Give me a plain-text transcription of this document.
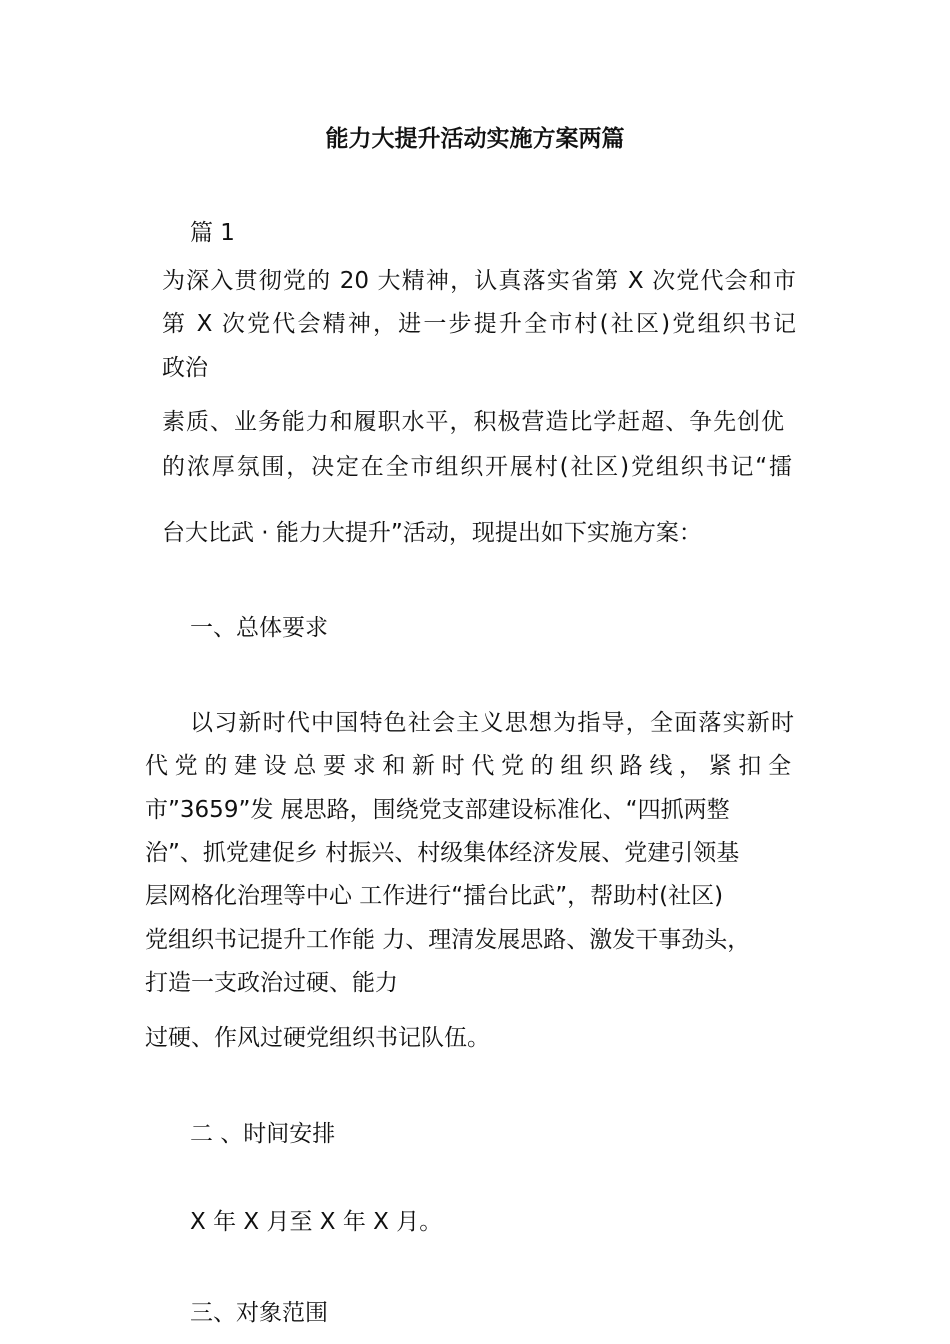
能力大提升活动实施方案两篇
篇 1
为深入贯彻党的 20 大精神，认真落实省第 X 次党代会和市
第 X 次党代会精神，进一步提升全市村(社区)党组织书记
政治
素质、业务能力和履职水平，积极营造比学赶超、争先创优
的浓厚氛围，决定在全市组织开展村(社区)党组织书记“擂
台大比武 · 能力大提升”活动，现提出如下实施方案：
一、总体要求
以习新时代中国特色社会主义思想为指导，全面落实新时
代党的建设总要求和新时代党的组织路线，紧扣全
市”3659”发 展思路，围绕党支部建设标准化、“四抓两整
治”、抓党建促乡 村振兴、村级集体经济发展、党建引领基
层网格化治理等中心 工作进行“擂台比武”，帮助村(社区)
党组织书记提升工作能 力、理清发展思路、激发干事劲头，
打造一支政治过硬、能力
过硬、作风过硬党组织书记队伍。
二 、时间安排
X 年 X 月至 X 年 X 月。
三、对象范围
